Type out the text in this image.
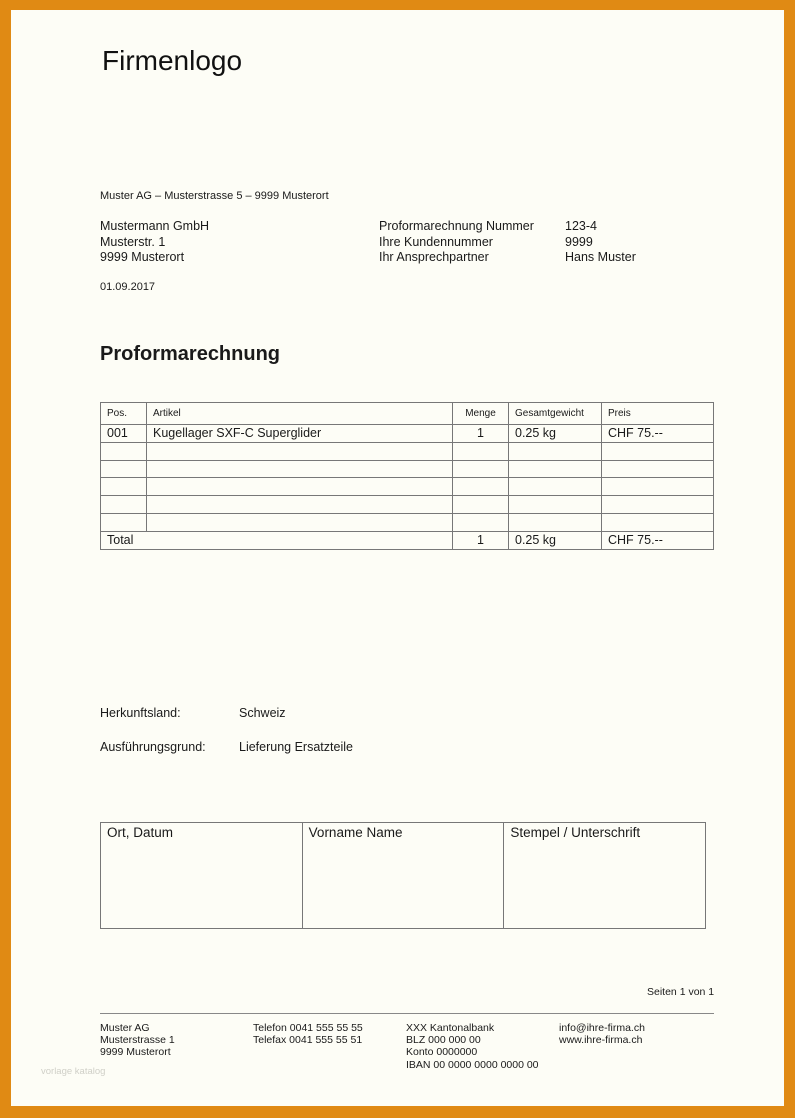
Firmenlogo
Muster AG – Musterstrasse 5 – 9999 Musterort
Mustermann GmbH
Musterstr. 1
9999 Musterort
Proformarechnung Nummer	123-4
Ihre Kundennummer	9999
Ihr Ansprechpartner	Hans Muster
01.09.2017
Proformarechnung
Pos.	Artikel	Menge	Gesamtgewicht	Preis
001	Kugellager SXF-C Superglider	1	0.25 kg	CHF 75.--

Total		1	0.25 kg	CHF 75.--
Herkunftsland:	Schweiz
Ausführungsgrund:	Lieferung Ersatzteile
Ort, Datum	Vorname Name	Stempel / Unterschrift
Seiten 1 von 1
Muster AG
Musterstrasse 1
9999 Musterort
Telefon 0041 555 55 55
Telefax 0041 555 55 51
XXX Kantonalbank
BLZ 000 000 00
Konto 0000000
IBAN 00 0000 0000 0000 00
info@ihre-firma.ch
www.ihre-firma.ch
vorlage katalog
